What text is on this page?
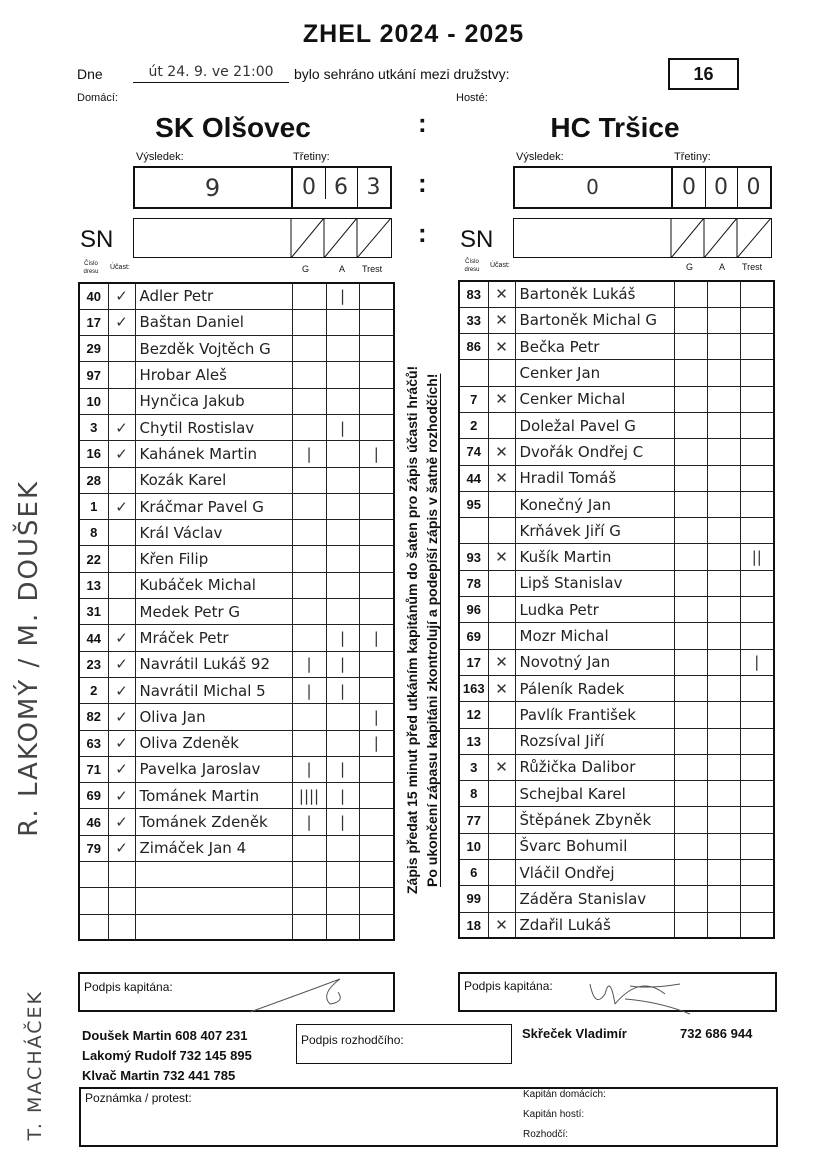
ZHEL 2024 - 2025
Dne	út 24. 9. ve 21:00	bylo sehráno utkání mezi družstvy:	16
Domácí:	Hosté:
SK Olšovec	:	HC Tršice
Výsledek:	Třetiny:
9	0 6 3	:
Výsledek:	Třetiny:
0	0 0 0
SN	: SN
Číslo dresu
Účast:	G	A Trest
Číslo dresu
Účast:	G	A Trest
40	✓	Adler Petr		|	
17	✓	Baštan Daniel			
29		Bezděk Vojtěch G			
97		Hrobar Aleš			
10		Hynčica Jakub			
3	✓	Chytil Rostislav		|	
16	✓	Kahánek Martin	|		|
28		Kozák Karel			
1	✓	Kráčmar Pavel G			
8		Král Václav			
22		Křen Filip			
13		Kubáček Michal			
31		Medek Petr G			
44	✓	Mráček Petr		|	|
23	✓	Navrátil Lukáš 92	|	|	
2	✓	Navrátil Michal 5	|	|	
82	✓	Oliva Jan			|
63	✓	Oliva Zdeněk			|
71	✓	Pavelka Jaroslav	|	|	
69	✓	Tománek Martin	||||	|	
46	✓	Tománek Zdeněk	|	|	
79	✓	Zimáček Jan 4			

83	✕	Bartoněk Lukáš			
33	✕	Bartoněk Michal G			
86	✕	Bečka Petr			
		Cenker Jan			
7	✕	Cenker Michal			
2		Doležal Pavel G			
74	✕	Dvořák Ondřej C			
44	✕	Hradil Tomáš			
95		Konečný Jan			
		Krňávek Jiří G			
93	✕	Kušík Martin			||
78		Lipš Stanislav			
96		Ludka Petr			
69		Mozr Michal			
17	✕	Novotný Jan			|
163	✕	Páleník Radek			
12		Pavlík František			
13		Rozsíval Jiří			
3	✕	Růžička Dalibor			
8		Schejbal Karel			
77		Štěpánek Zbyněk			
10		Švarc Bohumil			
6		Vláčil Ondřej			
99		Záděra Stanislav			
18	✕	Zdařil Lukáš			
Zápis předat 15 minut před utkáním kapitánům do šaten pro zápis účasti hráčů! Po ukončení zápasu kapitáni zkontrolují a podepíší zápis v šatně rozhodčích!
Podpis kapitána:	Podpis kapitána:
Doušek Martin 608 407 231
Lakomý Rudolf 732 145 895
Klvač Martin 732 441 785
Podpis rozhodčího:	Skřeček Vladimír	732 686 944
Poznámka / protest:	Kapitán domácích:
Kapitán hostí:
Rozhodčí:
R. LAKOMÝ / M. DOUŠEK
T. MACHÁČEK
